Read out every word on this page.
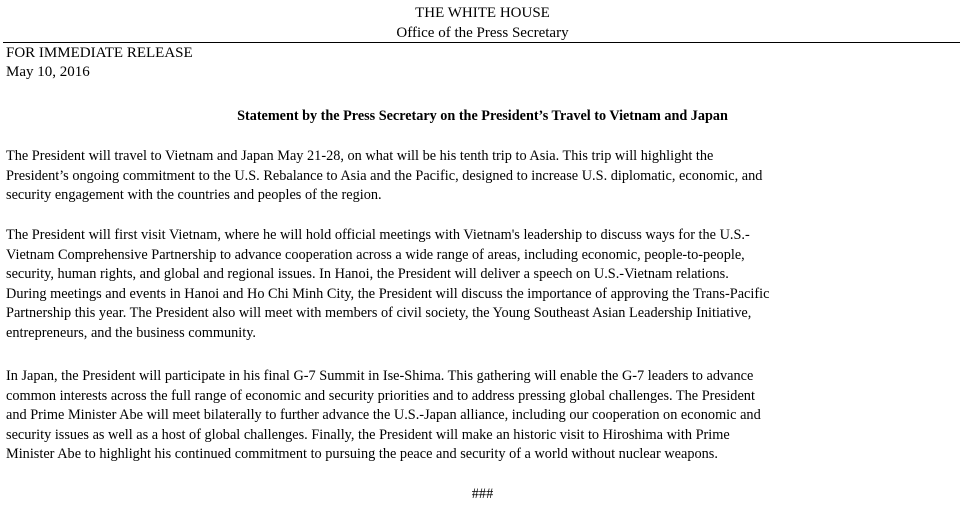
THE WHITE HOUSE
Office of the Press Secretary
FOR IMMEDIATE RELEASE
May 10, 2016
Statement by the Press Secretary on the President’s Travel to Vietnam and Japan

The President will travel to Vietnam and Japan May 21-28, on what will be his tenth trip to Asia. This trip will highlight the
President’s ongoing commitment to the U.S. Rebalance to Asia and the Pacific, designed to increase U.S. diplomatic, economic, and
security engagement with the countries and peoples of the region.

The President will first visit Vietnam, where he will hold official meetings with Vietnam's leadership to discuss ways for the U.S.-
Vietnam Comprehensive Partnership to advance cooperation across a wide range of areas, including economic, people-to-people,
security, human rights, and global and regional issues. In Hanoi, the President will deliver a speech on U.S.-Vietnam relations.
During meetings and events in Hanoi and Ho Chi Minh City, the President will discuss the importance of approving the Trans-Pacific
Partnership this year. The President also will meet with members of civil society, the Young Southeast Asian Leadership Initiative,
entrepreneurs, and the business community.

In Japan, the President will participate in his final G-7 Summit in Ise-Shima. This gathering will enable the G-7 leaders to advance
common interests across the full range of economic and security priorities and to address pressing global challenges. The President
and Prime Minister Abe will meet bilaterally to further advance the U.S.-Japan alliance, including our cooperation on economic and
security issues as well as a host of global challenges. Finally, the President will make an historic visit to Hiroshima with Prime
Minister Abe to highlight his continued commitment to pursuing the peace and security of a world without nuclear weapons.

###
